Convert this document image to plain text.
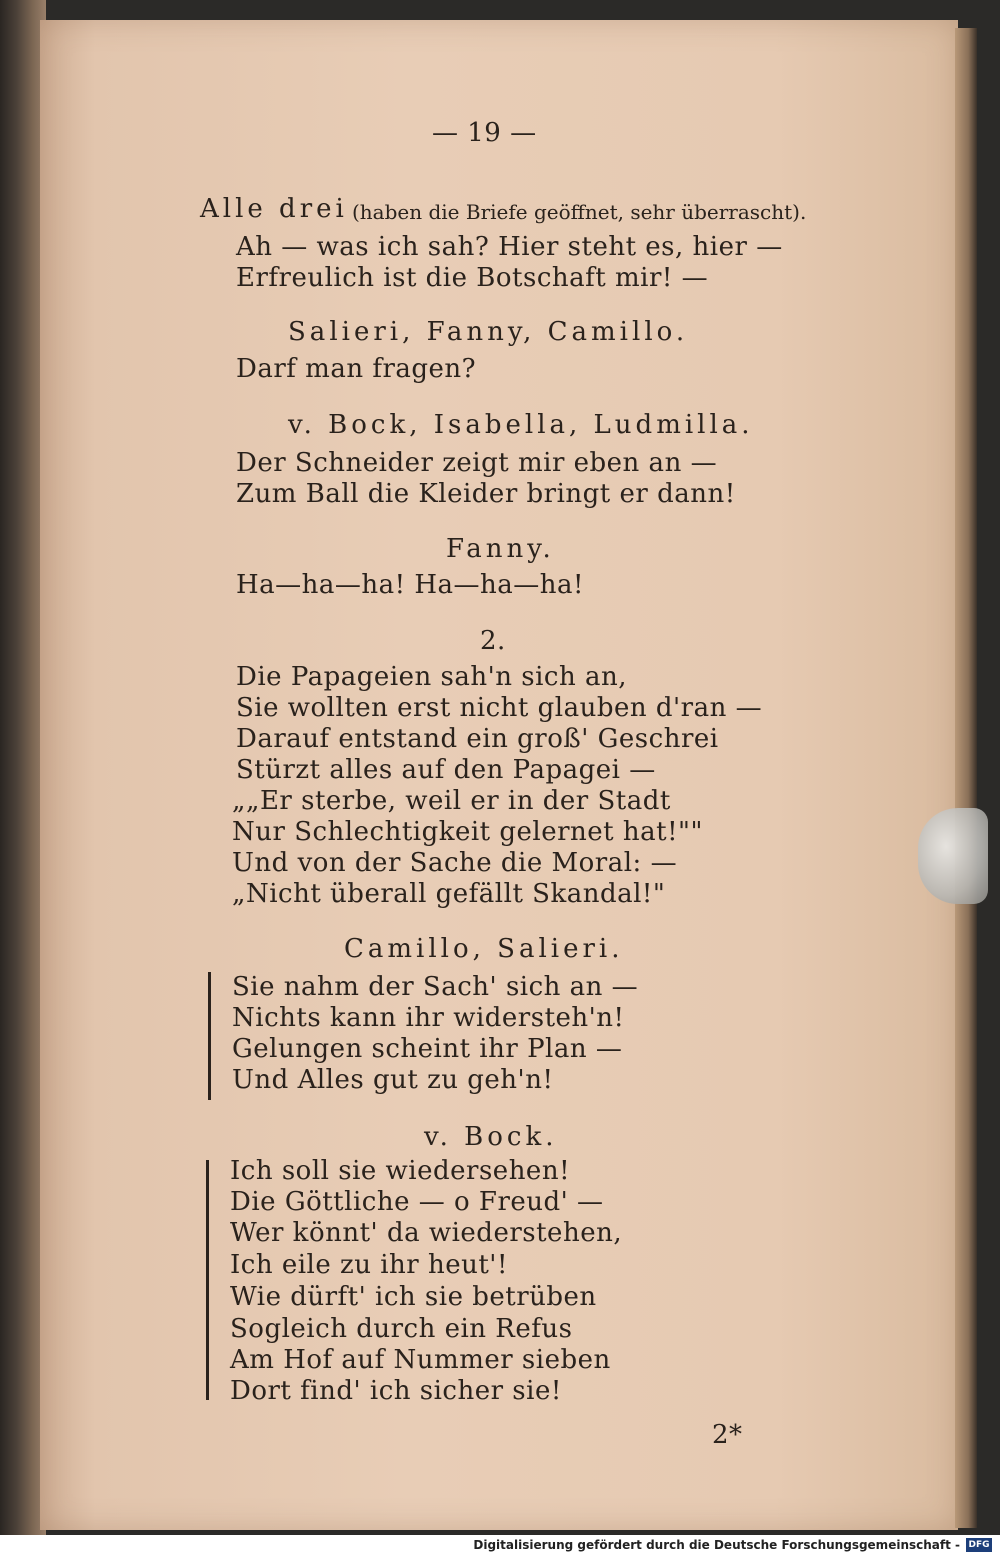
— 19 —
Alle drei (haben die Briefe geöffnet, sehr überrascht).
Ah — was ich sah? Hier steht es, hier —
Erfreulich ist die Botschaft mir! —
Salieri, Fanny, Camillo.
Darf man fragen?
v. Bock, Isabella, Ludmilla.
Der Schneider zeigt mir eben an —
Zum Ball die Kleider bringt er dann!
Fanny.
Ha—ha—ha! Ha—ha—ha!
2.
Die Papageien sah'n sich an,
Sie wollten erst nicht glauben d'ran —
Darauf entstand ein groß' Geschrei
Stürzt alles auf den Papagei —
„„Er sterbe, weil er in der Stadt
Nur Schlechtigkeit gelernet hat!""
Und von der Sache die Moral: —
„Nicht überall gefällt Skandal!"
Camillo, Salieri.
Sie nahm der Sach' sich an —
Nichts kann ihr widersteh'n!
Gelungen scheint ihr Plan —
Und Alles gut zu geh'n!
v. Bock.
Ich soll sie wiedersehen!
Die Göttliche — o Freud' —
Wer könnt' da wiederstehen,
Ich eile zu ihr heut'!
Wie dürft' ich sie betrüben
Sogleich durch ein Refus
Am Hof auf Nummer sieben
Dort find' ich sicher sie!
2*
Digitalisierung gefördert durch die Deutsche Forschungsgemeinschaft - DFG
